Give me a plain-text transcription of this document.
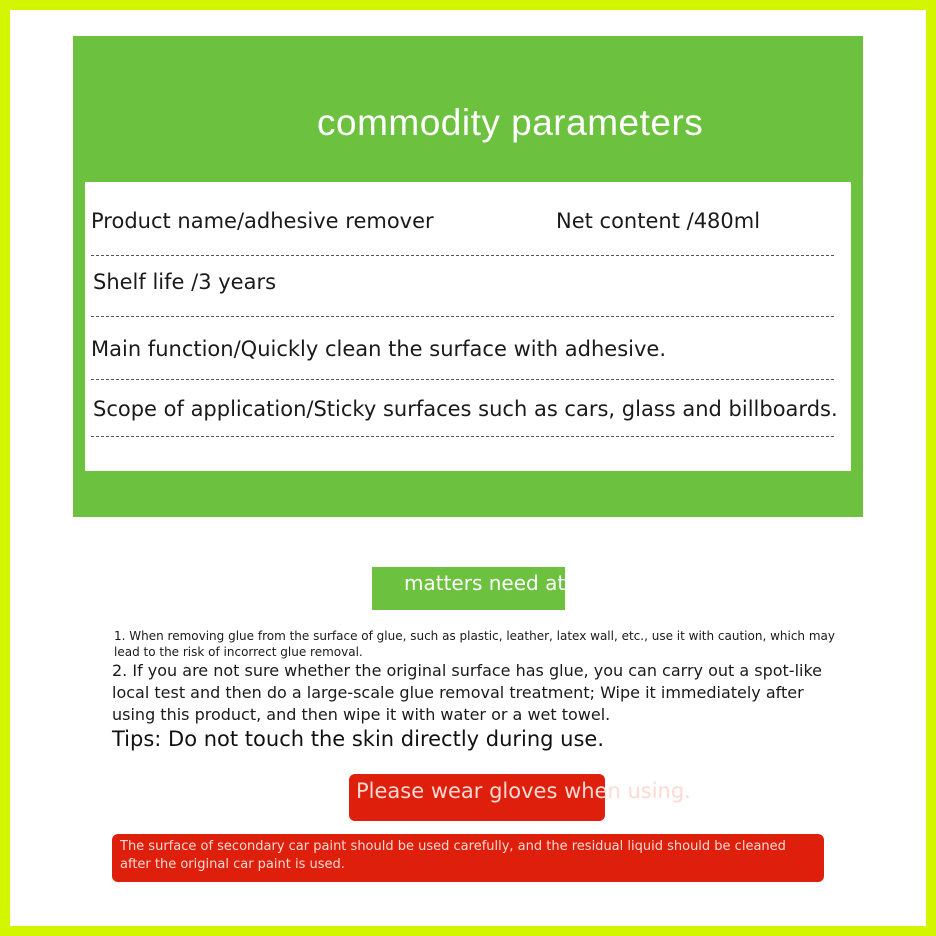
commodity parameters
Product name/adhesive remover	Net content /480ml
Shelf life /3 years
Main function/Quickly clean the surface with adhesive.
Scope of application/Sticky surfaces such as cars, glass and billboards.
matters need attention
1. When removing glue from the surface of glue, such as plastic, leather, latex wall, etc., use it with caution, which may lead to the risk of incorrect glue removal.
2. If you are not sure whether the original surface has glue, you can carry out a spot-like local test and then do a large-scale glue removal treatment; Wipe it immediately after using this product, and then wipe it with water or a wet towel.
Tips: Do not touch the skin directly during use.
Please wear gloves when using.
The surface of secondary car paint should be used carefully, and the residual liquid should be cleaned after the original car paint is used.
